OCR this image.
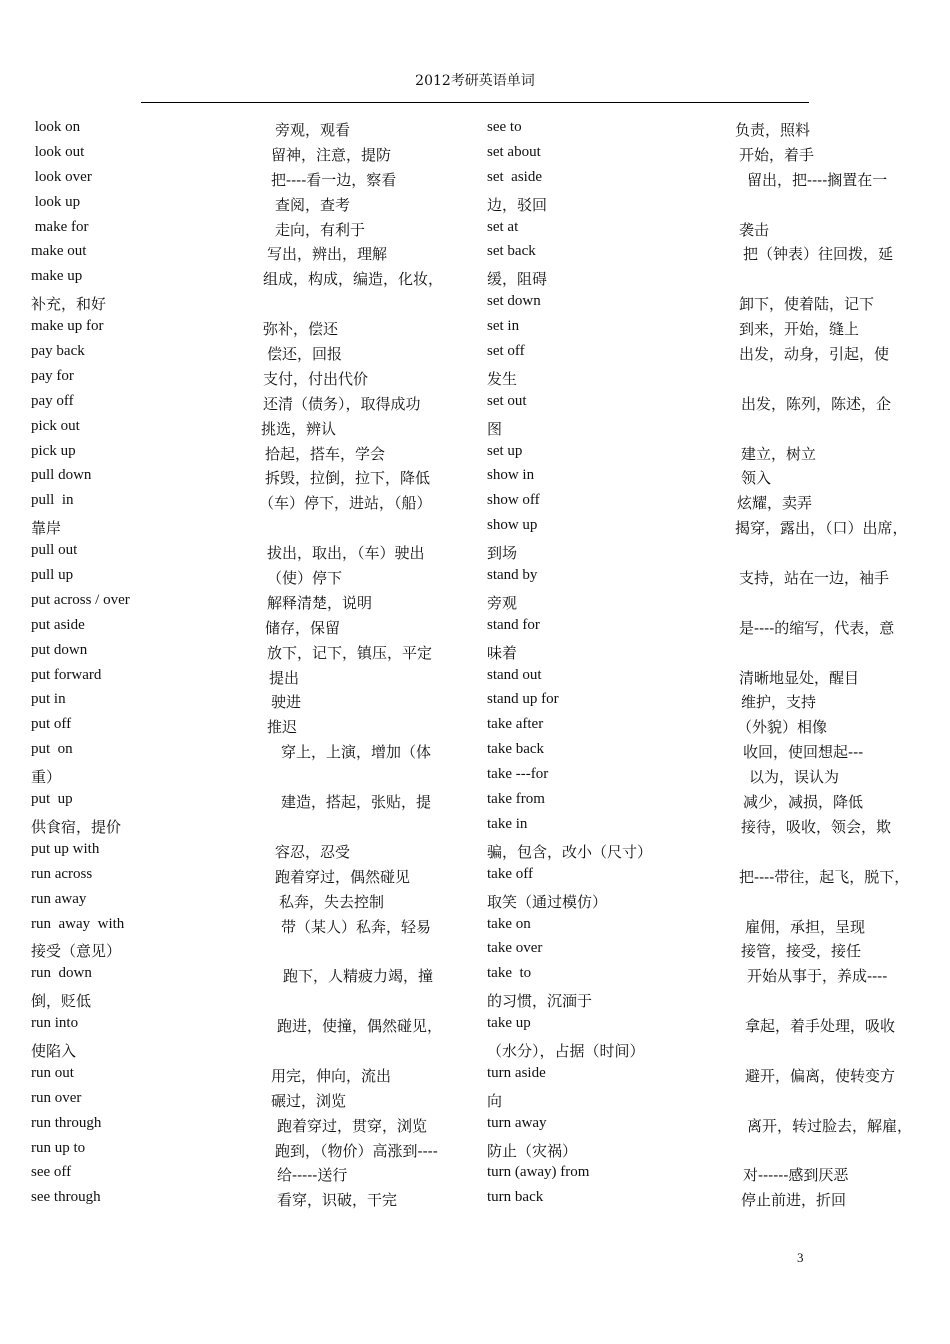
2012考研英语单词
look on	旁观，观看
look out	留神，注意，提防
look over	把----看一边，察看
look up	查阅，查考
make for	走向，有利于
make out	写出，辨出，理解
make up	组成，构成，编造，化妆，
补充，和好
make up for	弥补，偿还
pay back	偿还，回报
pay for	支付，付出代价
pay off	还清（债务），取得成功
pick out	挑选，辨认
pick up	拾起，搭车，学会
pull down	拆毁，拉倒，拉下，降低
pull  in	（车）停下，进站，（船）
靠岸
pull out	拔出，取出，（车）驶出
pull up	（使）停下
put across / over	解释清楚，说明
put aside	储存，保留
put down	放下，记下，镇压，平定
put forward	提出
put in	驶进
put off	推迟
put  on	穿上，上演，增加（体
重）
put  up	建造，搭起，张贴，提
供食宿，提价
put up with	容忍，忍受
run across	跑着穿过，偶然碰见
run away	私奔，失去控制
run  away  with	带（某人）私奔，轻易
接受（意见）
run  down	跑下，人精疲力竭，撞
倒，贬低
run into	跑进，使撞，偶然碰见，
使陷入
run out	用完，伸向，流出
run over	碾过，浏览
run through	跑着穿过，贯穿，浏览
run up to	跑到，（物价）高涨到----
see off	给-----送行
see through	看穿，识破，干完
see to	负责，照料
set about	开始，着手
set  aside	留出，把----搁置在一
边，驳回
set at	袭击
set back	把（钟表）往回拨，延
缓，阻碍
set down	卸下，使着陆，记下
set in	到来，开始，缝上
set off	出发，动身，引起，使
发生
set out	出发，陈列，陈述，企
图
set up	建立，树立
show in	领入
show off	炫耀，卖弄
show up	揭穿，露出，（口）出席，
到场
stand by	支持，站在一边，袖手
旁观
stand for	是----的缩写，代表，意
味着
stand out	清晰地显处，醒目
stand up for	维护，支持
take after	（外貌）相像
take back	收回，使回想起---
take ---for	以为，误认为
take from	减少，减损，降低
take in	接待，吸收，领会，欺
骗，包含，改小（尺寸）
take off	把----带往，起飞，脱下，
取笑（通过模仿）
take on	雇佣，承担，呈现
take over	接管，接受，接任
take  to	开始从事于，养成----
的习惯，沉湎于
take up	拿起，着手处理，吸收
（水分），占据（时间）
turn aside	避开，偏离，使转变方
向
turn away	离开，转过脸去，解雇，
防止（灾祸）
turn (away) from	对------感到厌恶
turn back	停止前进，折回
3
